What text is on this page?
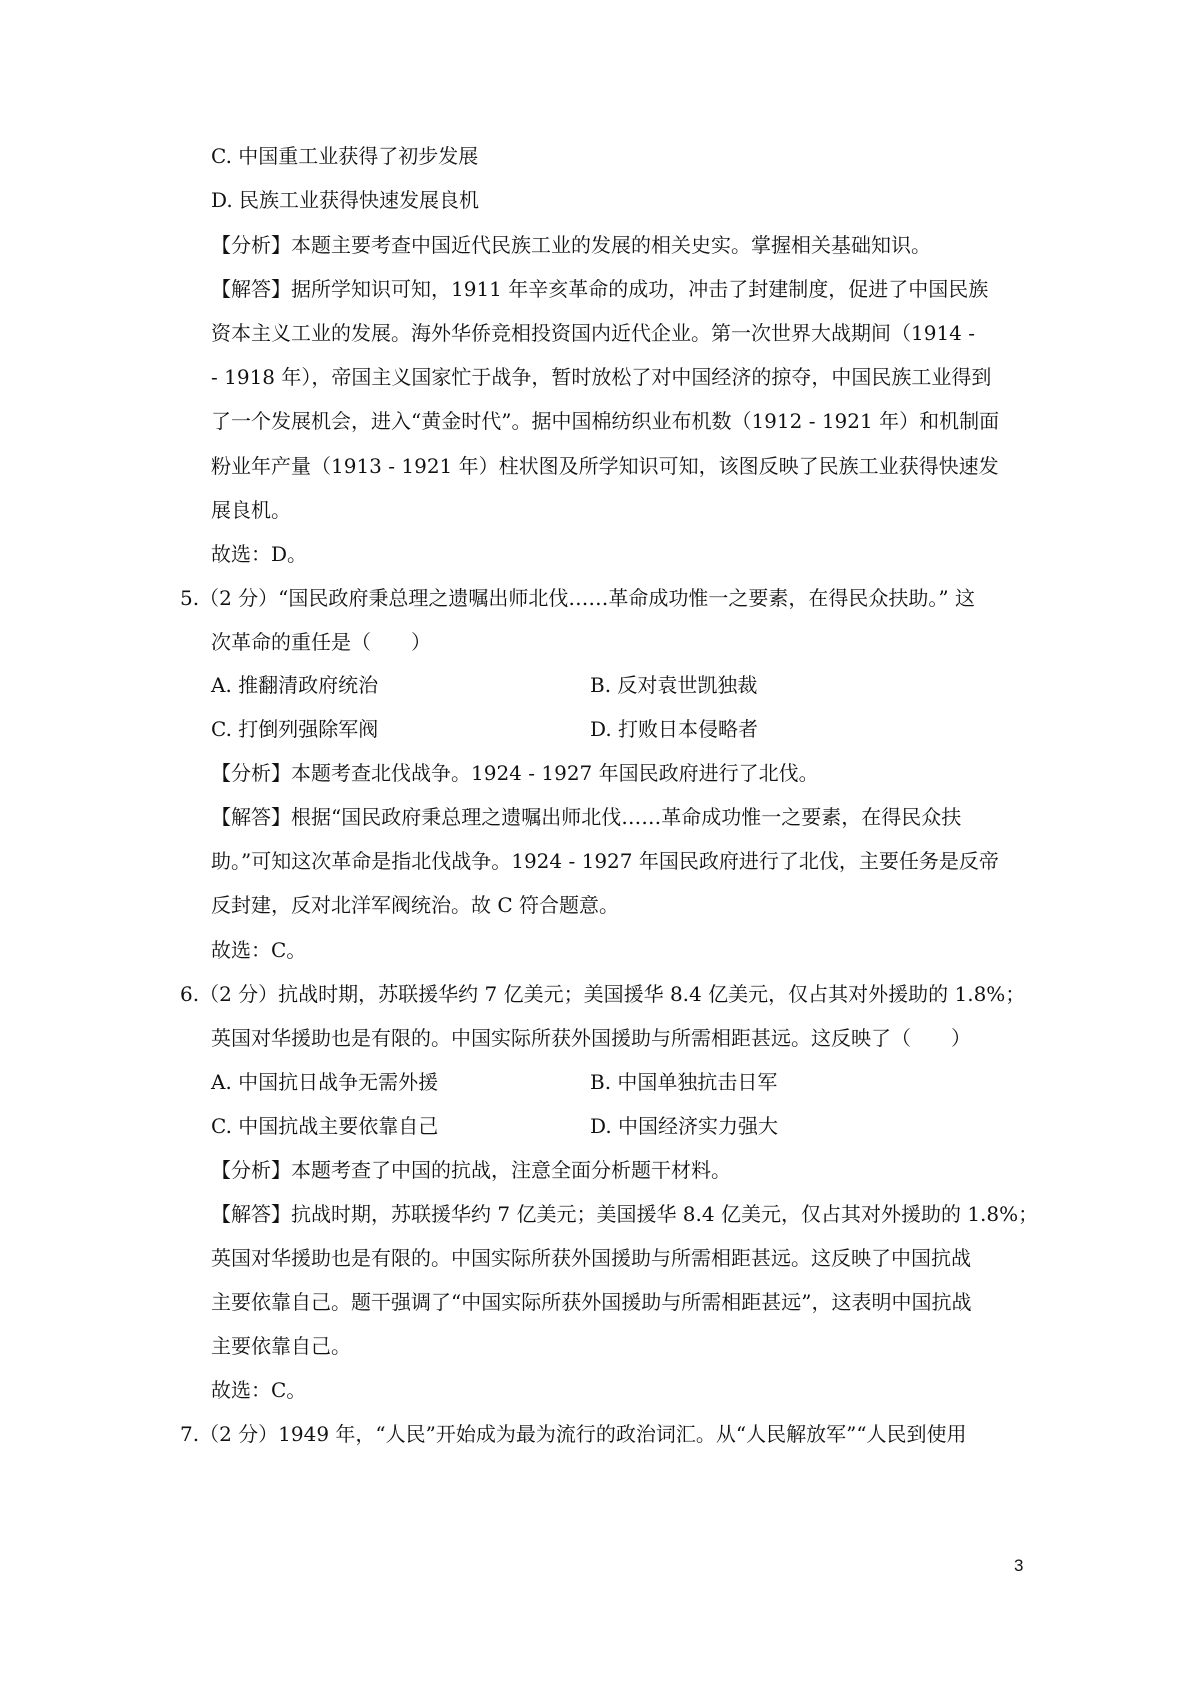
C. 中国重工业获得了初步发展
D. 民族工业获得快速发展良机
【分析】本题主要考查中国近代民族工业的发展的相关史实。掌握相关基础知识。
【解答】据所学知识可知，1911 年辛亥革命的成功，冲击了封建制度，促进了中国民族
资本主义工业的发展。海外华侨竞相投资国内近代企业。第一次世界大战期间（1914 -
- 1918 年），帝国主义国家忙于战争，暂时放松了对中国经济的掠夺，中国民族工业得到
了一个发展机会，进入“黄金时代”。据中国棉纺织业布机数（1912 - 1921 年）和机制面
粉业年产量（1913 - 1921 年）柱状图及所学知识可知，该图反映了民族工业获得快速发
展良机。
故选：D。
5.（2 分）“国民政府秉总理之遗嘱出师北伐……革命成功惟一之要素，在得民众扶助。” 这
次革命的重任是（　　）
A. 推翻清政府统治	B. 反对袁世凯独裁
C. 打倒列强除军阀	D. 打败日本侵略者
【分析】本题考查北伐战争。1924 - 1927 年国民政府进行了北伐。
【解答】根据“国民政府秉总理之遗嘱出师北伐……革命成功惟一之要素，在得民众扶
助。”可知这次革命是指北伐战争。1924 - 1927 年国民政府进行了北伐，主要任务是反帝
反封建，反对北洋军阀统治。故 C 符合题意。
故选：C。
6.（2 分）抗战时期，苏联援华约 7 亿美元；美国援华 8.4 亿美元，仅占其对外援助的 1.8%；
英国对华援助也是有限的。中国实际所获外国援助与所需相距甚远。这反映了（　　）
A. 中国抗日战争无需外援	B. 中国单独抗击日军
C. 中国抗战主要依靠自己	D. 中国经济实力强大
【分析】本题考查了中国的抗战，注意全面分析题干材料。
【解答】抗战时期，苏联援华约 7 亿美元；美国援华 8.4 亿美元，仅占其对外援助的 1.8%；
英国对华援助也是有限的。中国实际所获外国援助与所需相距甚远。这反映了中国抗战
主要依靠自己。题干强调了“中国实际所获外国援助与所需相距甚远”，这表明中国抗战
主要依靠自己。
故选：C。
7.（2 分）1949 年，“人民”开始成为最为流行的政治词汇。从“人民解放军”“人民到使用
3
